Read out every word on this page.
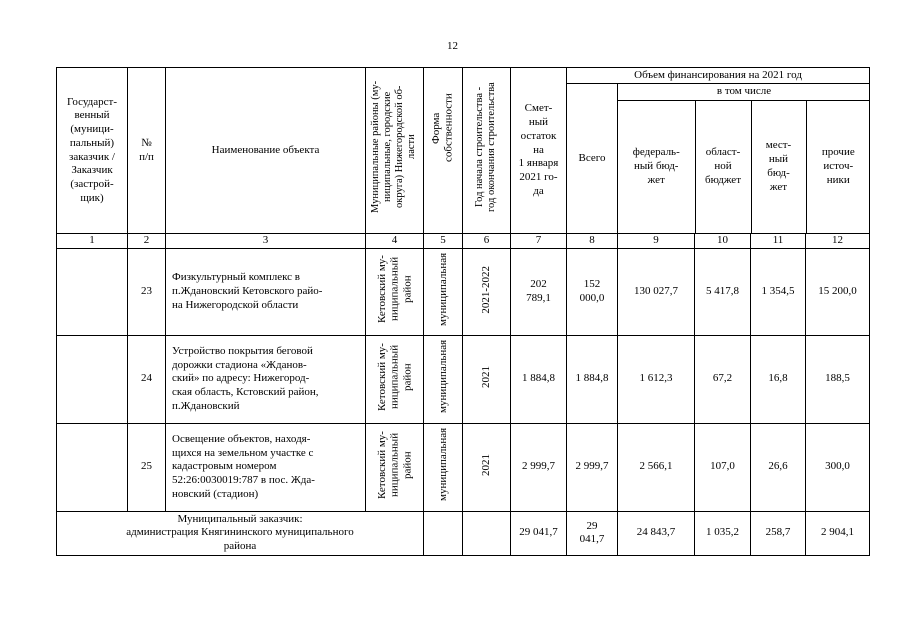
12
Государст-
венный
(муници-
пальный)
заказчик /
Заказчик
(застрой-
щик)	№
п/п	Наименование объекта	Муниципальные районы (му-
ниципальные, городские
округа) Нижегородской об-
ласти	Форма
собственности	Год начала строительства -
год окончания строительства	Смет-
ный
остаток
на
1 января
2021 го-
да	Объем финансирования на 2021 год
Всего	
в том числе
федераль-
ный бюд-
жет	област-
ной
бюджет	мест-
ный
бюд-
жет	прочие
источ-
ники

1	2	3	4	5	6	7	8	9	10	11	12
	23	Физкультурный комплекс в
п.Ждановский Кетовского райо-
на Нижегородской области	Кетовский му-
ниципальный
район	муниципальная	2021-2022	202
789,1	152
000,0	130 027,7	5 417,8	1 354,5	15 200,0
	24	Устройство покрытия беговой
дорожки стадиона «Жданов-
ский» по адресу: Нижегород-
ская область, Кстовский район,
п.Ждановский	Кетовский му-
ниципальный
район	муниципальная	2021	1 884,8	1 884,8	1 612,3	67,2	16,8	188,5
	25	Освещение объектов, находя-
щихся на земельном участке с
кадастровым номером
52:26:0030019:787 в пос. Жда-
новский (стадион)	Кетовский му-
ниципальный
район	муниципальная	2021	2 999,7	2 999,7	2 566,1	107,0	26,6	300,0
Муниципальный заказчик:
администрация Княгининского муниципального
района			29 041,7	29
041,7	24 843,7	1 035,2	258,7	2 904,1
